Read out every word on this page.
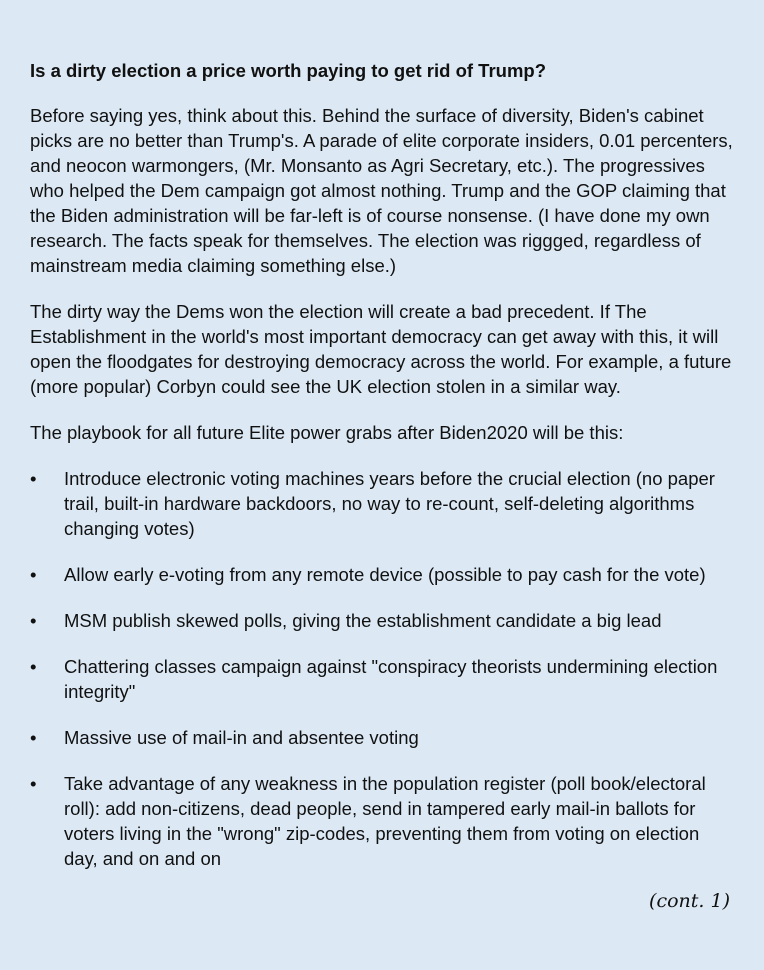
Is a dirty election a price worth paying to get rid of Trump?

Before saying yes, think about this. Behind the surface of diversity, Biden's cabinet picks are no better than Trump's. A parade of elite corporate insiders, 0.01 percenters, and neocon warmongers, (Mr. Monsanto as Agri Secretary, etc.). The progressives who helped the Dem campaign got almost nothing. Trump and the GOP claiming that the Biden administration will be far-left is of course nonsense. (I have done my own research. The facts speak for themselves. The election was riggged, regardless of mainstream media claiming something else.)

The dirty way the Dems won the election will create a bad precedent. If The Establishment in the world's most important democracy can get away with this, it will open the floodgates for destroying democracy across the world. For example, a future (more popular) Corbyn could see the UK election stolen in a similar way.

The playbook for all future Elite power grabs after Biden2020 will be this:

•	Introduce electronic voting machines years before the crucial election (no paper trail, built-in hardware backdoors, no way to re-count, self-deleting algorithms changing votes)
•	Allow early e-voting from any remote device (possible to pay cash for the vote)
•	MSM publish skewed polls, giving the establishment candidate a big lead
•	Chattering classes campaign against "conspiracy theorists undermining election integrity"
•	Massive use of mail-in and absentee voting
•	Take advantage of any weakness in the population register (poll book/electoral roll): add non-citizens, dead people, send in tampered early mail-in ballots for voters living in the "wrong" zip-codes, preventing them from voting on election day, and on and on
(cont. 1)
